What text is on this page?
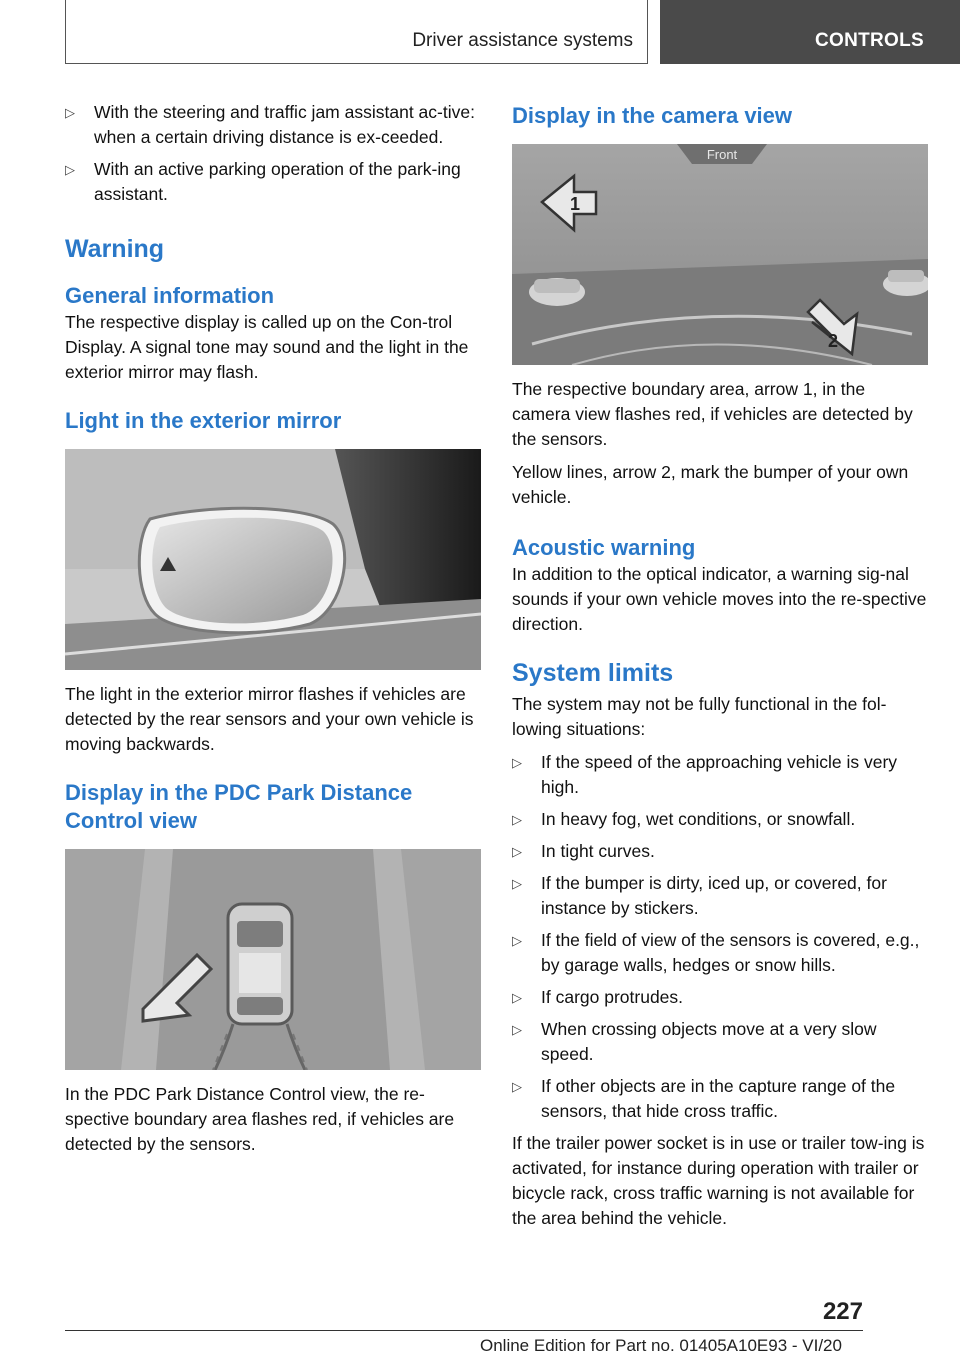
Driver assistance systems	CONTROLS
▷ With the steering and traffic jam assistant ac‐tive: when a certain driving distance is ex‐ceeded.
▷ With an active parking operation of the park‐ing assistant.
Warning
General information

The respective display is called up on the Con‐trol Display. A signal tone may sound and the light in the exterior mirror may flash.

Light in the exterior mirror

The light in the exterior mirror flashes if vehicles are detected by the rear sensors and your own vehicle is moving backwards.

Display in the PDC Park Distance Control view

In the PDC Park Distance Control view, the re‐spective boundary area flashes red, if vehicles are detected by the sensors.

Display in the camera view
Front
1
2

The respective boundary area, arrow 1, in the camera view flashes red, if vehicles are detected by the sensors.

Yellow lines, arrow 2, mark the bumper of your own vehicle.

Acoustic warning

In addition to the optical indicator, a warning sig‐nal sounds if your own vehicle moves into the re‐spective direction.

System limits

The system may not be fully functional in the fol‐lowing situations:

▷ If the speed of the approaching vehicle is very high.
▷ In heavy fog, wet conditions, or snowfall.
▷ In tight curves.
▷ If the bumper is dirty, iced up, or covered, for instance by stickers.
▷ If the field of view of the sensors is covered, e.g., by garage walls, hedges or snow hills.
▷ If cargo protrudes.
▷ When crossing objects move at a very slow speed.
▷ If other objects are in the capture range of the sensors, that hide cross traffic.

If the trailer power socket is in use or trailer tow‐ing is activated, for instance during operation with trailer or bicycle rack, cross traffic warning is not available for the area behind the vehicle.

227
Online Edition for Part no. 01405A10E93 - VI/20
